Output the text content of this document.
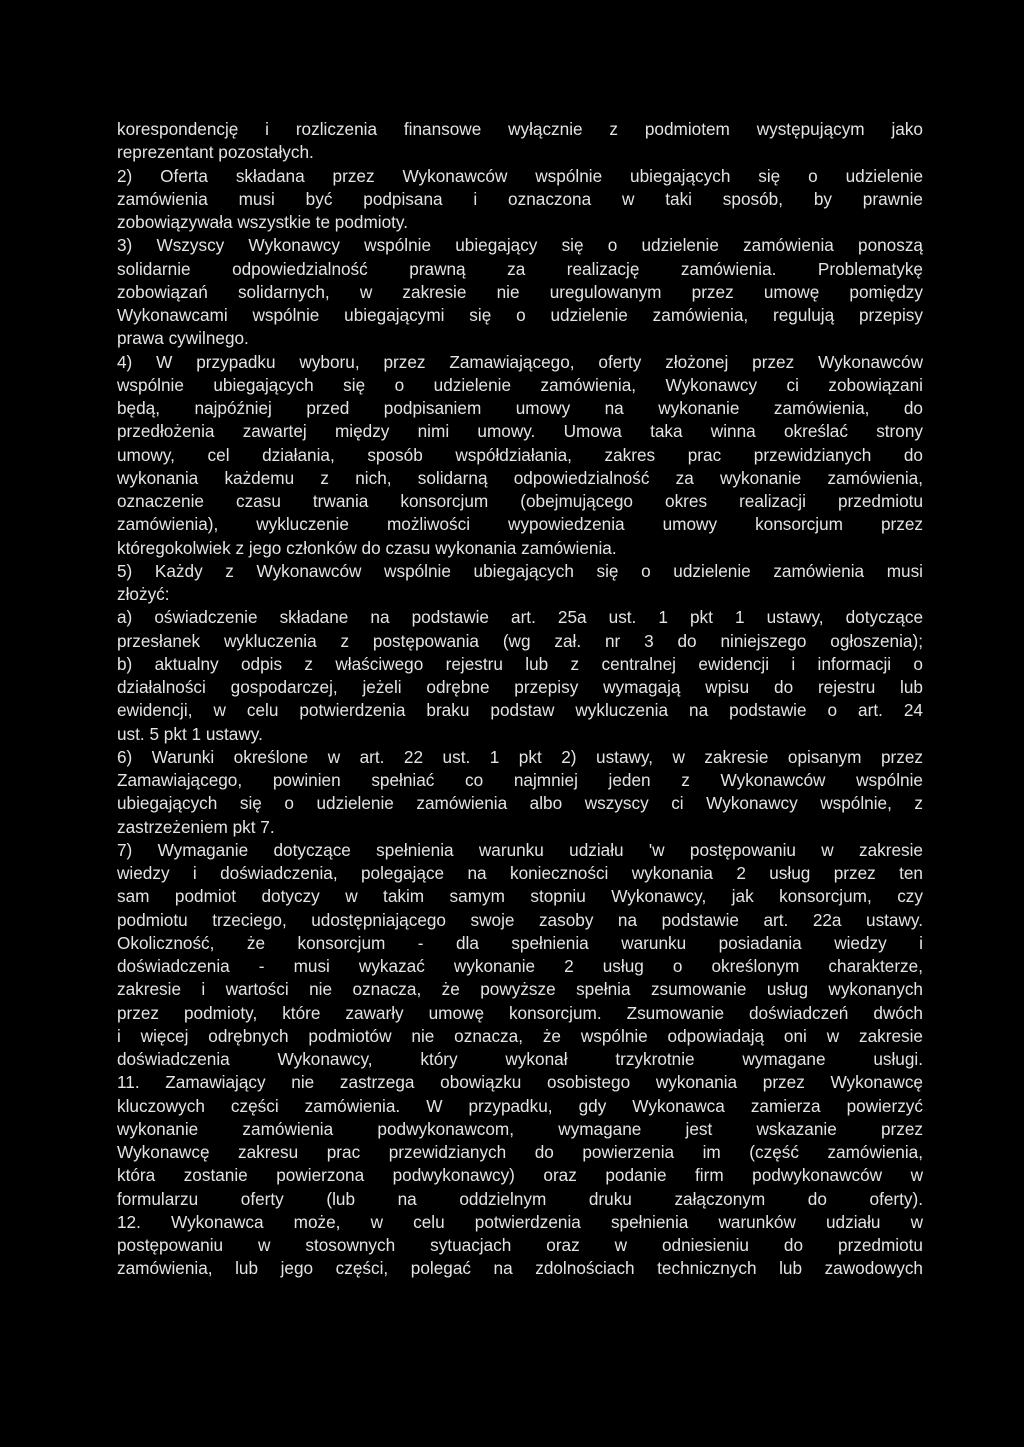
korespondencję i rozliczenia finansowe wyłącznie z podmiotem występującym jako
reprezentant pozostałych.
2) Oferta składana przez Wykonawców wspólnie ubiegających się o udzielenie
zamówienia musi być podpisana i oznaczona w taki sposób, by prawnie
zobowiązywała wszystkie te podmioty.
3) Wszyscy Wykonawcy wspólnie ubiegający się o udzielenie zamówienia ponoszą
solidarnie odpowiedzialność prawną za realizację zamówienia. Problematykę
zobowiązań solidarnych, w zakresie nie uregulowanym przez umowę pomiędzy
Wykonawcami wspólnie ubiegającymi się o udzielenie zamówienia, regulują przepisy
prawa cywilnego.
4) W przypadku wyboru, przez Zamawiającego, oferty złożonej przez Wykonawców
wspólnie ubiegających się o udzielenie zamówienia, Wykonawcy ci zobowiązani
będą, najpóźniej przed podpisaniem umowy na wykonanie zamówienia, do
przedłożenia zawartej między nimi umowy. Umowa taka winna określać strony
umowy, cel działania, sposób współdziałania, zakres prac przewidzianych do
wykonania każdemu z nich, solidarną odpowiedzialność za wykonanie zamówienia,
oznaczenie czasu trwania konsorcjum (obejmującego okres realizacji przedmiotu
zamówienia), wykluczenie możliwości wypowiedzenia umowy konsorcjum przez
któregokolwiek z jego członków do czasu wykonania zamówienia.
5) Każdy z Wykonawców wspólnie ubiegających się o udzielenie zamówienia musi
złożyć:
a) oświadczenie składane na podstawie art. 25a ust. 1 pkt 1 ustawy, dotyczące
przesłanek wykluczenia z postępowania (wg zał. nr 3 do niniejszego ogłoszenia);
b) aktualny odpis z właściwego rejestru lub z centralnej ewidencji i informacji o
działalności gospodarczej, jeżeli odrębne przepisy wymagają wpisu do rejestru lub
ewidencji, w celu potwierdzenia braku podstaw wykluczenia na podstawie o art. 24
ust. 5 pkt 1 ustawy.
6) Warunki określone w art. 22 ust. 1 pkt 2) ustawy, w zakresie opisanym przez
Zamawiającego, powinien spełniać co najmniej jeden z Wykonawców wspólnie
ubiegających się o udzielenie zamówienia albo wszyscy ci Wykonawcy wspólnie, z
zastrzeżeniem pkt 7.
7) Wymaganie dotyczące spełnienia warunku udziału 'w postępowaniu w zakresie
wiedzy i doświadczenia, polegające na konieczności wykonania 2 usług przez ten
sam podmiot dotyczy w takim samym stopniu Wykonawcy, jak konsorcjum, czy
podmiotu trzeciego, udostępniającego swoje zasoby na podstawie art. 22a ustawy.
Okoliczność, że konsorcjum - dla spełnienia warunku posiadania wiedzy i
doświadczenia - musi wykazać wykonanie 2 usług o określonym charakterze,
zakresie i wartości nie oznacza, że powyższe spełnia zsumowanie usług wykonanych
przez podmioty, które zawarły umowę konsorcjum. Zsumowanie doświadczeń dwóch
i więcej odrębnych podmiotów nie oznacza, że wspólnie odpowiadają oni w zakresie
doświadczenia Wykonawcy, który wykonał trzykrotnie wymagane usługi.
11. Zamawiający nie zastrzega obowiązku osobistego wykonania przez Wykonawcę
kluczowych części zamówienia. W przypadku, gdy Wykonawca zamierza powierzyć
wykonanie zamówienia podwykonawcom, wymagane jest wskazanie przez
Wykonawcę zakresu prac przewidzianych do powierzenia im (część zamówienia,
która zostanie powierzona podwykonawcy) oraz podanie firm podwykonawców w
formularzu oferty (lub na oddzielnym druku załączonym do oferty).
12. Wykonawca może, w celu potwierdzenia spełnienia warunków udziału w
postępowaniu w stosownych sytuacjach oraz w odniesieniu do przedmiotu
zamówienia, lub jego części, polegać na zdolnościach technicznych lub zawodowych
